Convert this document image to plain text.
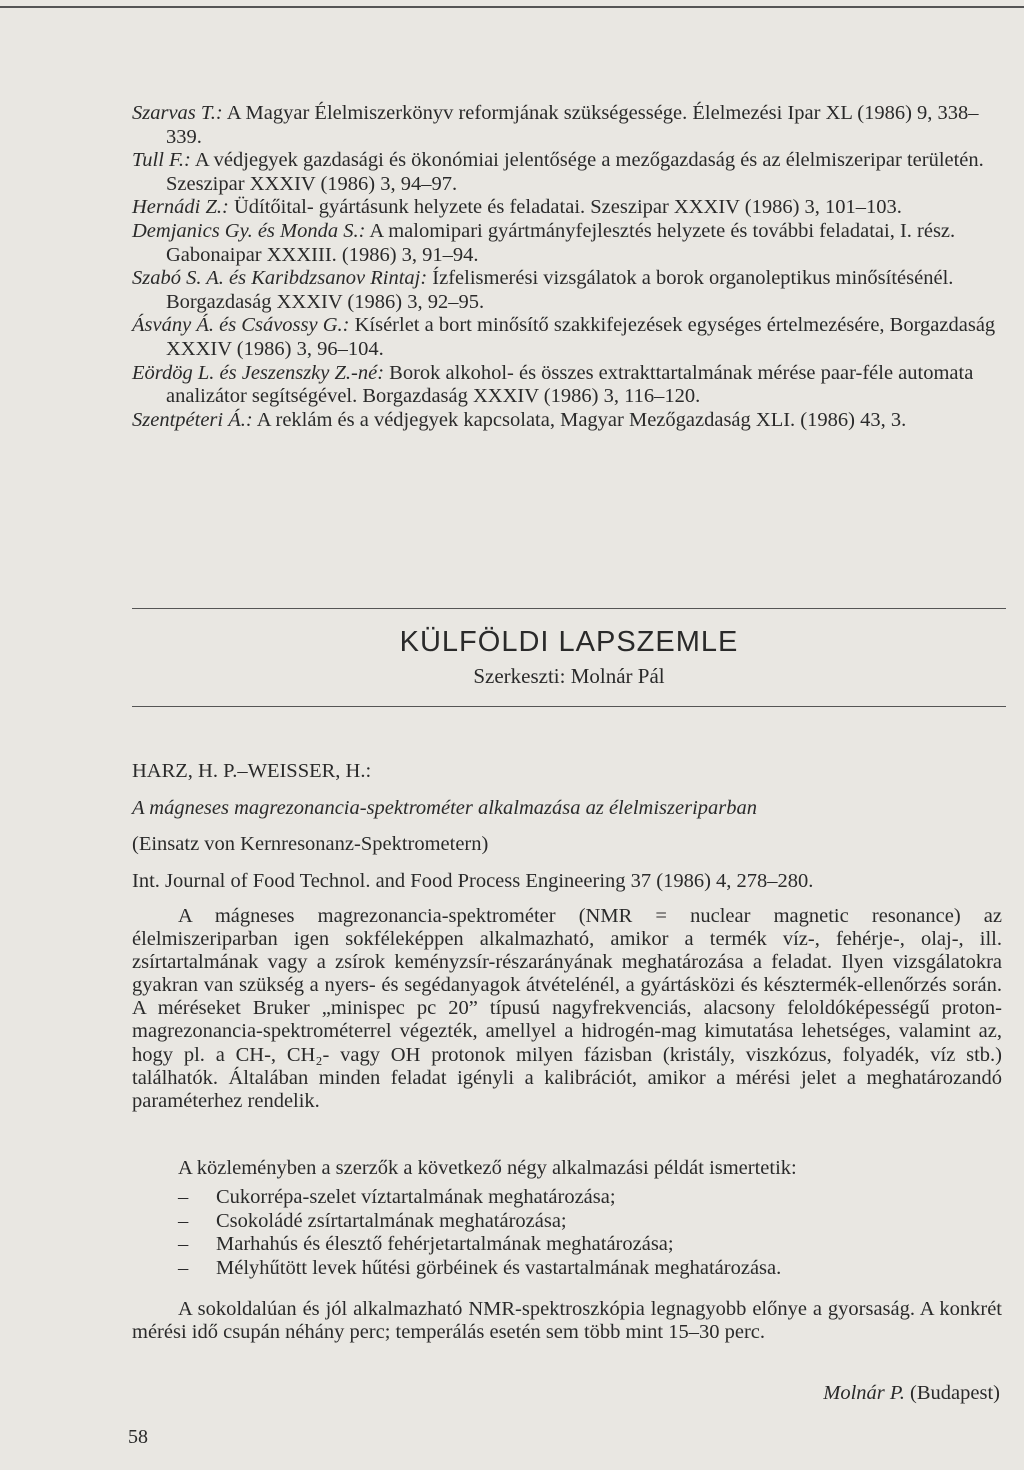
Szarvas T.: A Magyar Élelmiszerkönyv reformjának szükségessége. Élelmezési Ipar XL (1986) 9, 338–339.

Tull F.: A védjegyek gazdasági és ökonómiai jelentősége a mezőgazdaság és az élelmiszeripar területén. Szeszipar XXXIV (1986) 3, 94–97.

Hernádi Z.: Üdítőital- gyártásunk helyzete és feladatai. Szeszipar XXXIV (1986) 3, 101–103.

Demjanics Gy. és Monda S.: A malomipari gyártmányfejlesztés helyzete és további feladatai, I. rész. Gabonaipar XXXIII. (1986) 3, 91–94.

Szabó S. A. és Karibdzsanov Rintaj: Ízfelismerési vizsgálatok a borok organoleptikus minősítésénél. Borgazdaság XXXIV (1986) 3, 92–95.

Ásvány Á. és Csávossy G.: Kísérlet a bort minősítő szakkifejezések egységes értelmezésére, Borgazdaság XXXIV (1986) 3, 96–104.

Eördög L. és Jeszenszky Z.-né: Borok alkohol- és összes extrakttartalmának mérése paar-féle automata analizátor segítségével. Borgazdaság XXXIV (1986) 3, 116–120.

Szentpéteri Á.: A reklám és a védjegyek kapcsolata, Magyar Mezőgazdaság XLI. (1986) 43, 3.

KÜLFÖLDI LAPSZEMLE
Szerkeszti: Molnár Pál
HARZ, H. P.–WEISSER, H.:
A mágneses magrezonancia-spektrométer alkalmazása az élelmiszeriparban
(Einsatz von Kernresonanz-Spektrometern)
Int. Journal of Food Technol. and Food Process Engineering 37 (1986) 4, 278–280.

A mágneses magrezonancia-spektrométer (NMR = nuclear magnetic resonance) az élelmiszeriparban igen sokféleképpen alkalmazható, amikor a termék víz-, fehérje-, olaj-, ill. zsírtartalmának vagy a zsírok keményzsír-részarányának meghatározása a feladat. Ilyen vizsgálatokra gyakran van szükség a nyers- és segédanyagok átvételénél, a gyártásközi és késztermék-ellenőrzés során. A méréseket Bruker „minispec pc 20” típusú nagyfrekvenciás, alacsony feloldóképességű proton-magrezonancia-spektrométerrel végezték, amellyel a hidrogén-mag kimutatása lehetséges, valamint az, hogy pl. a CH-, CH₂- vagy OH protonok milyen fázisban (kristály, viszkózus, folyadék, víz stb.) találhatók. Általában minden feladat igényli a kalibrációt, amikor a mérési jelet a meghatározandó paraméterhez rendelik.

A közleményben a szerzők a következő négy alkalmazási példát ismertetik:

– Cukorrépa-szelet víztartalmának meghatározása;
– Csokoládé zsírtartalmának meghatározása;
– Marhahús és élesztő fehérjetartalmának meghatározása;
– Mélyhűtött levek hűtési görbéinek és vastartalmának meghatározása.

A sokoldalúan és jól alkalmazható NMR-spektroszkópia legnagyobb előnye a gyorsaság. A konkrét mérési idő csupán néhány perc; temperálás esetén sem több mint 15–30 perc.

Molnár P. (Budapest)
58
